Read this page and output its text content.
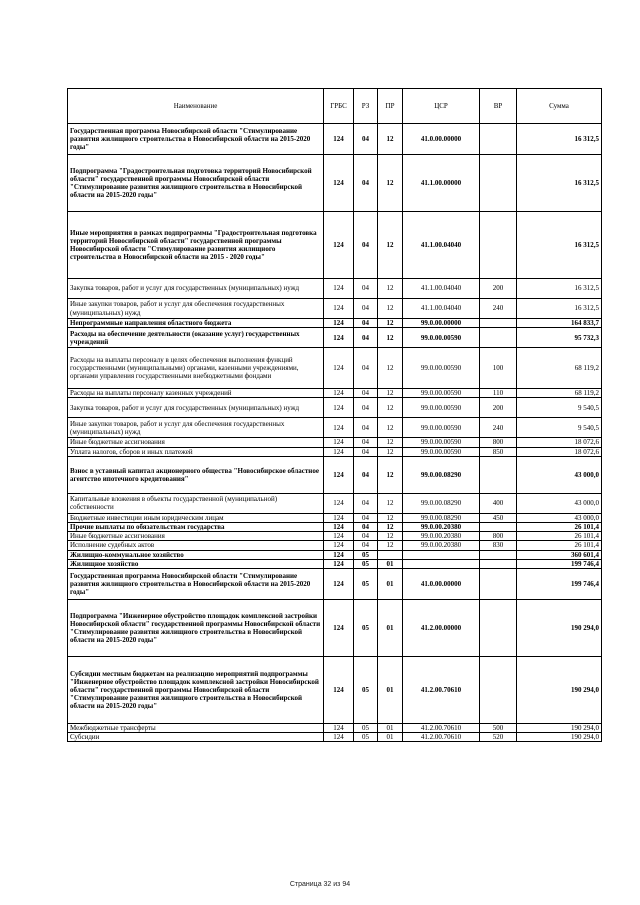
Наименование	ГРБС	РЗ	ПР	ЦСР	ВР	Сумма
Государственная программа Новосибирской области "Стимулирование развития жилищного строительства в Новосибирской области на 2015-2020 годы"	124	04	12	41.0.00.00000		16 312,5
Подпрограмма "Градостроительная подготовка территорий Новосибирской области" государственной программы Новосибирской области "Стимулирование развития жилищного строительства в Новосибирской области на 2015-2020 годы"	124	04	12	41.1.00.00000		16 312,5
Иные мероприятия в рамках подпрограммы "Градостроительная подготовка территорий Новосибирской области" государственной программы Новосибирской области "Стимулирование развития жилищного строительства в Новосибирской области на 2015 - 2020 годы"	124	04	12	41.1.00.04040		16 312,5
Закупка товаров, работ и услуг для государственных (муниципальных) нужд	124	04	12	41.1.00.04040	200	16 312,5
Иные закупки товаров, работ и услуг для обеспечения государственных (муниципальных) нужд	124	04	12	41.1.00.04040	240	16 312,5
Непрограммные направления областного бюджета	124	04	12	99.0.00.00000		164 833,7
Расходы на обеспечение деятельности (оказание услуг) государственных учреждений	124	04	12	99.0.00.00590		95 732,3
Расходы на выплаты персоналу в целях обеспечения выполнения функций государственными (муниципальными) органами, казенными учреждениями, органами управления государственными внебюджетными фондами	124	04	12	99.0.00.00590	100	68 119,2
Расходы на выплаты персоналу казенных учреждений	124	04	12	99.0.00.00590	110	68 119,2
Закупка товаров, работ и услуг для государственных (муниципальных) нужд	124	04	12	99.0.00.00590	200	9 540,5
Иные закупки товаров, работ и услуг для обеспечения государственных (муниципальных) нужд	124	04	12	99.0.00.00590	240	9 540,5
Иные бюджетные ассигнования	124	04	12	99.0.00.00590	800	18 072,6
Уплата налогов, сборов и иных платежей	124	04	12	99.0.00.00590	850	18 072,6
Взнос в уставный капитал акционерного общества "Новосибирское областное агентство ипотечного кредитования"	124	04	12	99.0.00.08290		43 000,0
Капитальные вложения в объекты государственной (муниципальной) собственности	124	04	12	99.0.00.08290	400	43 000,0
Бюджетные инвестиции иным юридическим лицам	124	04	12	99.0.00.08290	450	43 000,0
Прочие выплаты по обязательствам государства	124	04	12	99.0.00.20380		26 101,4
Иные бюджетные ассигнования	124	04	12	99.0.00.20380	800	26 101,4
Исполнение судебных актов	124	04	12	99.0.00.20380	830	26 101,4
Жилищно-коммунальное хозяйство	124	05				360 601,4
Жилищное хозяйство	124	05	01			199 746,4
Государственная программа Новосибирской области "Стимулирование развития жилищного строительства в Новосибирской области на 2015-2020 годы"	124	05	01	41.0.00.00000		199 746,4
Подпрограмма "Инженерное обустройство площадок комплексной застройки Новосибирской области" государственной программы Новосибирской области "Стимулирование развития жилищного строительства в Новосибирской области на 2015-2020 годы"	124	05	01	41.2.00.00000		190 294,0
Субсидии местным бюджетам на реализацию мероприятий подпрограммы "Инженерное обустройство площадок комплексной застройки Новосибирской области" государственной программы Новосибирской области "Стимулирование развития жилищного строительства в Новосибирской области на 2015-2020 годы"	124	05	01	41.2.00.70610		190 294,0
Межбюджетные трансферты	124	05	01	41.2.00.70610	500	190 294,0
Субсидии	124	05	01	41.2.00.70610	520	190 294,0
Страница 32 из 94
